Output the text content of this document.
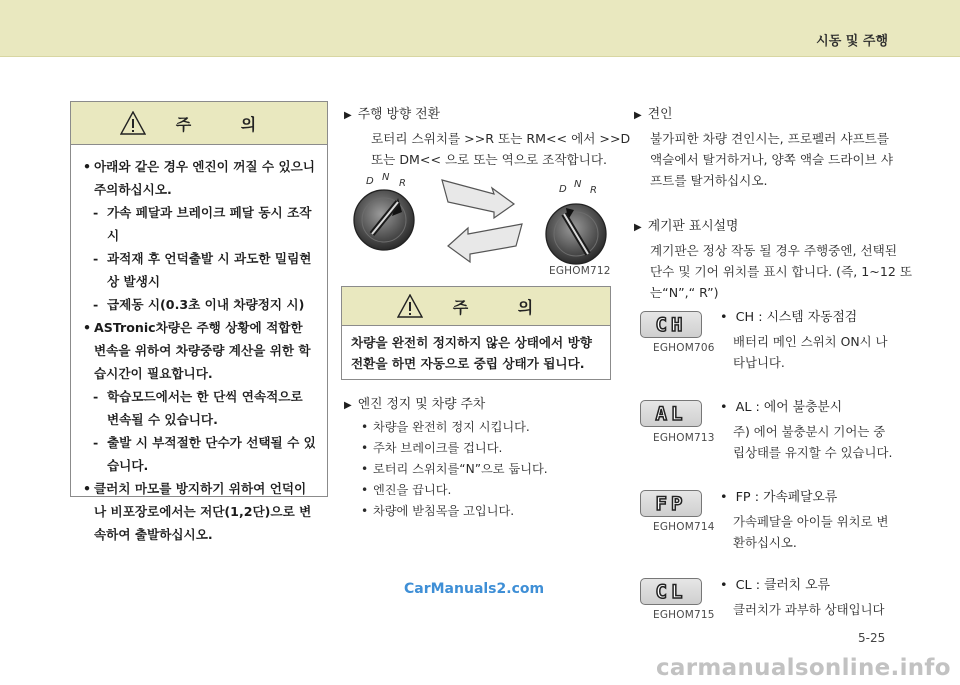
시동 및 주행
주 의

• 아래와 같은 경우 엔진이 꺼질 수 있으니 주의하십시오.

- 가속 페달과 브레이크 페달 동시 조작 시

- 과적재 후 언덕출발 시 과도한 밀림현상 발생시

- 급제동 시(0.3초 이내 차량정지 시)

• ASTronic차량은 주행 상황에 적합한 변속을 위하여 차량중량 계산을 위한 학습시간이 필요합니다.

- 학습모드에서는 한 단씩 연속적으로 변속될 수 있습니다.

- 출발 시 부적절한 단수가 선택될 수 있습니다.

• 클러치 마모를 방지하기 위하여 언덕이나 비포장로에서는 저단(1,2단)으로 변속하여 출발하십시오.

▶ 주행 방향 전환
로터리 스위치를 >>R 또는 RM<< 에서 >>D
또는 DM<< 으로 또는 역으로 조작합니다.
D N
R
D N
R
EGHOM712
주 의
차량을 완전히 정지하지 않은 상태에서 방향
전환을 하면 자동으로 중립 상태가 됩니다.
▶ 엔진 정지 및 차량 주차
• 차량을 완전히 정지 시킵니다.
• 주차 브레이크를 겁니다.
• 로터리 스위치를“N”으로 둡니다.
• 엔진을 끕니다.
• 차량에 받침목을 고입니다.
▶ 견인
불가피한 차량 견인시는, 프로펠러 샤프트를
액슬에서 탈거하거나, 양쪽 액슬 드라이브 샤
프트를 탈거하십시오.
▶ 계기판 표시설명
계기판은 정상 작동 될 경우 주행중엔, 선택된
단수 및 기어 위치를 표시 합니다. (즉, 1~12 또
는“N”,“ R”)
CH
EGHOM706
• CH : 시스템 자동점검
배터리 메인 스위치 ON시 나
타납니다.
AL
EGHOM713
• AL : 에어 불충분시
주) 에어 불충분시 기어는 중
립상태를 유지할 수 있습니다.
FP
EGHOM714
• FP : 가속페달오류
가속페달을 아이들 위치로 변
환하십시오.
CL
EGHOM715
• CL : 클러치 오류
클러치가 과부하 상태입니다
CarManuals2.com
5-25
carmanualsonline.info
